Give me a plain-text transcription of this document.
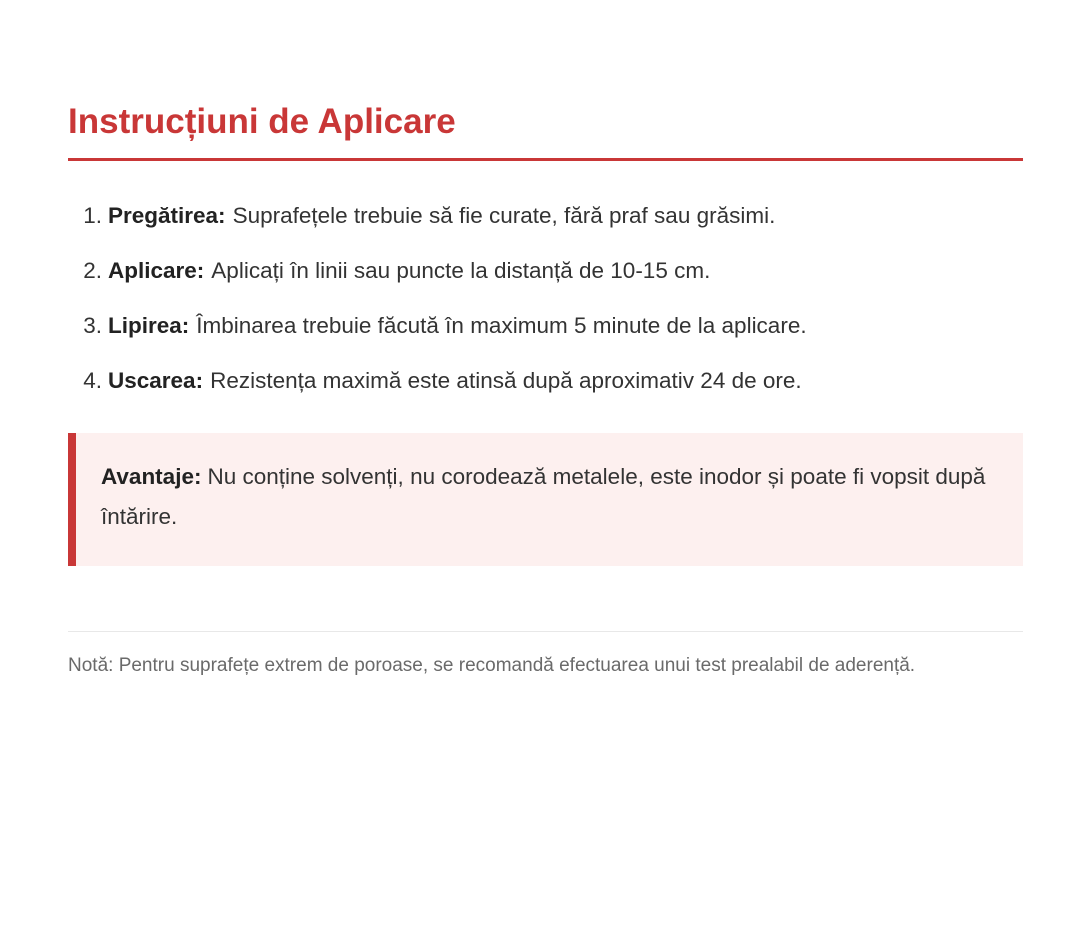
Instrucțiuni de Aplicare
1. Pregătirea: Suprafețele trebuie să fie curate, fără praf sau grăsimi.
2. Aplicare: Aplicați în linii sau puncte la distanță de 10-15 cm.
3. Lipirea: Îmbinarea trebuie făcută în maximum 5 minute de la aplicare.
4. Uscarea: Rezistența maximă este atinsă după aproximativ 24 de ore.

Avantaje: Nu conține solvenți, nu corodează metalele, este inodor și poate fi vopsit după întărire.

Notă: Pentru suprafețe extrem de poroase, se recomandă efectuarea unui test prealabil de aderență.
